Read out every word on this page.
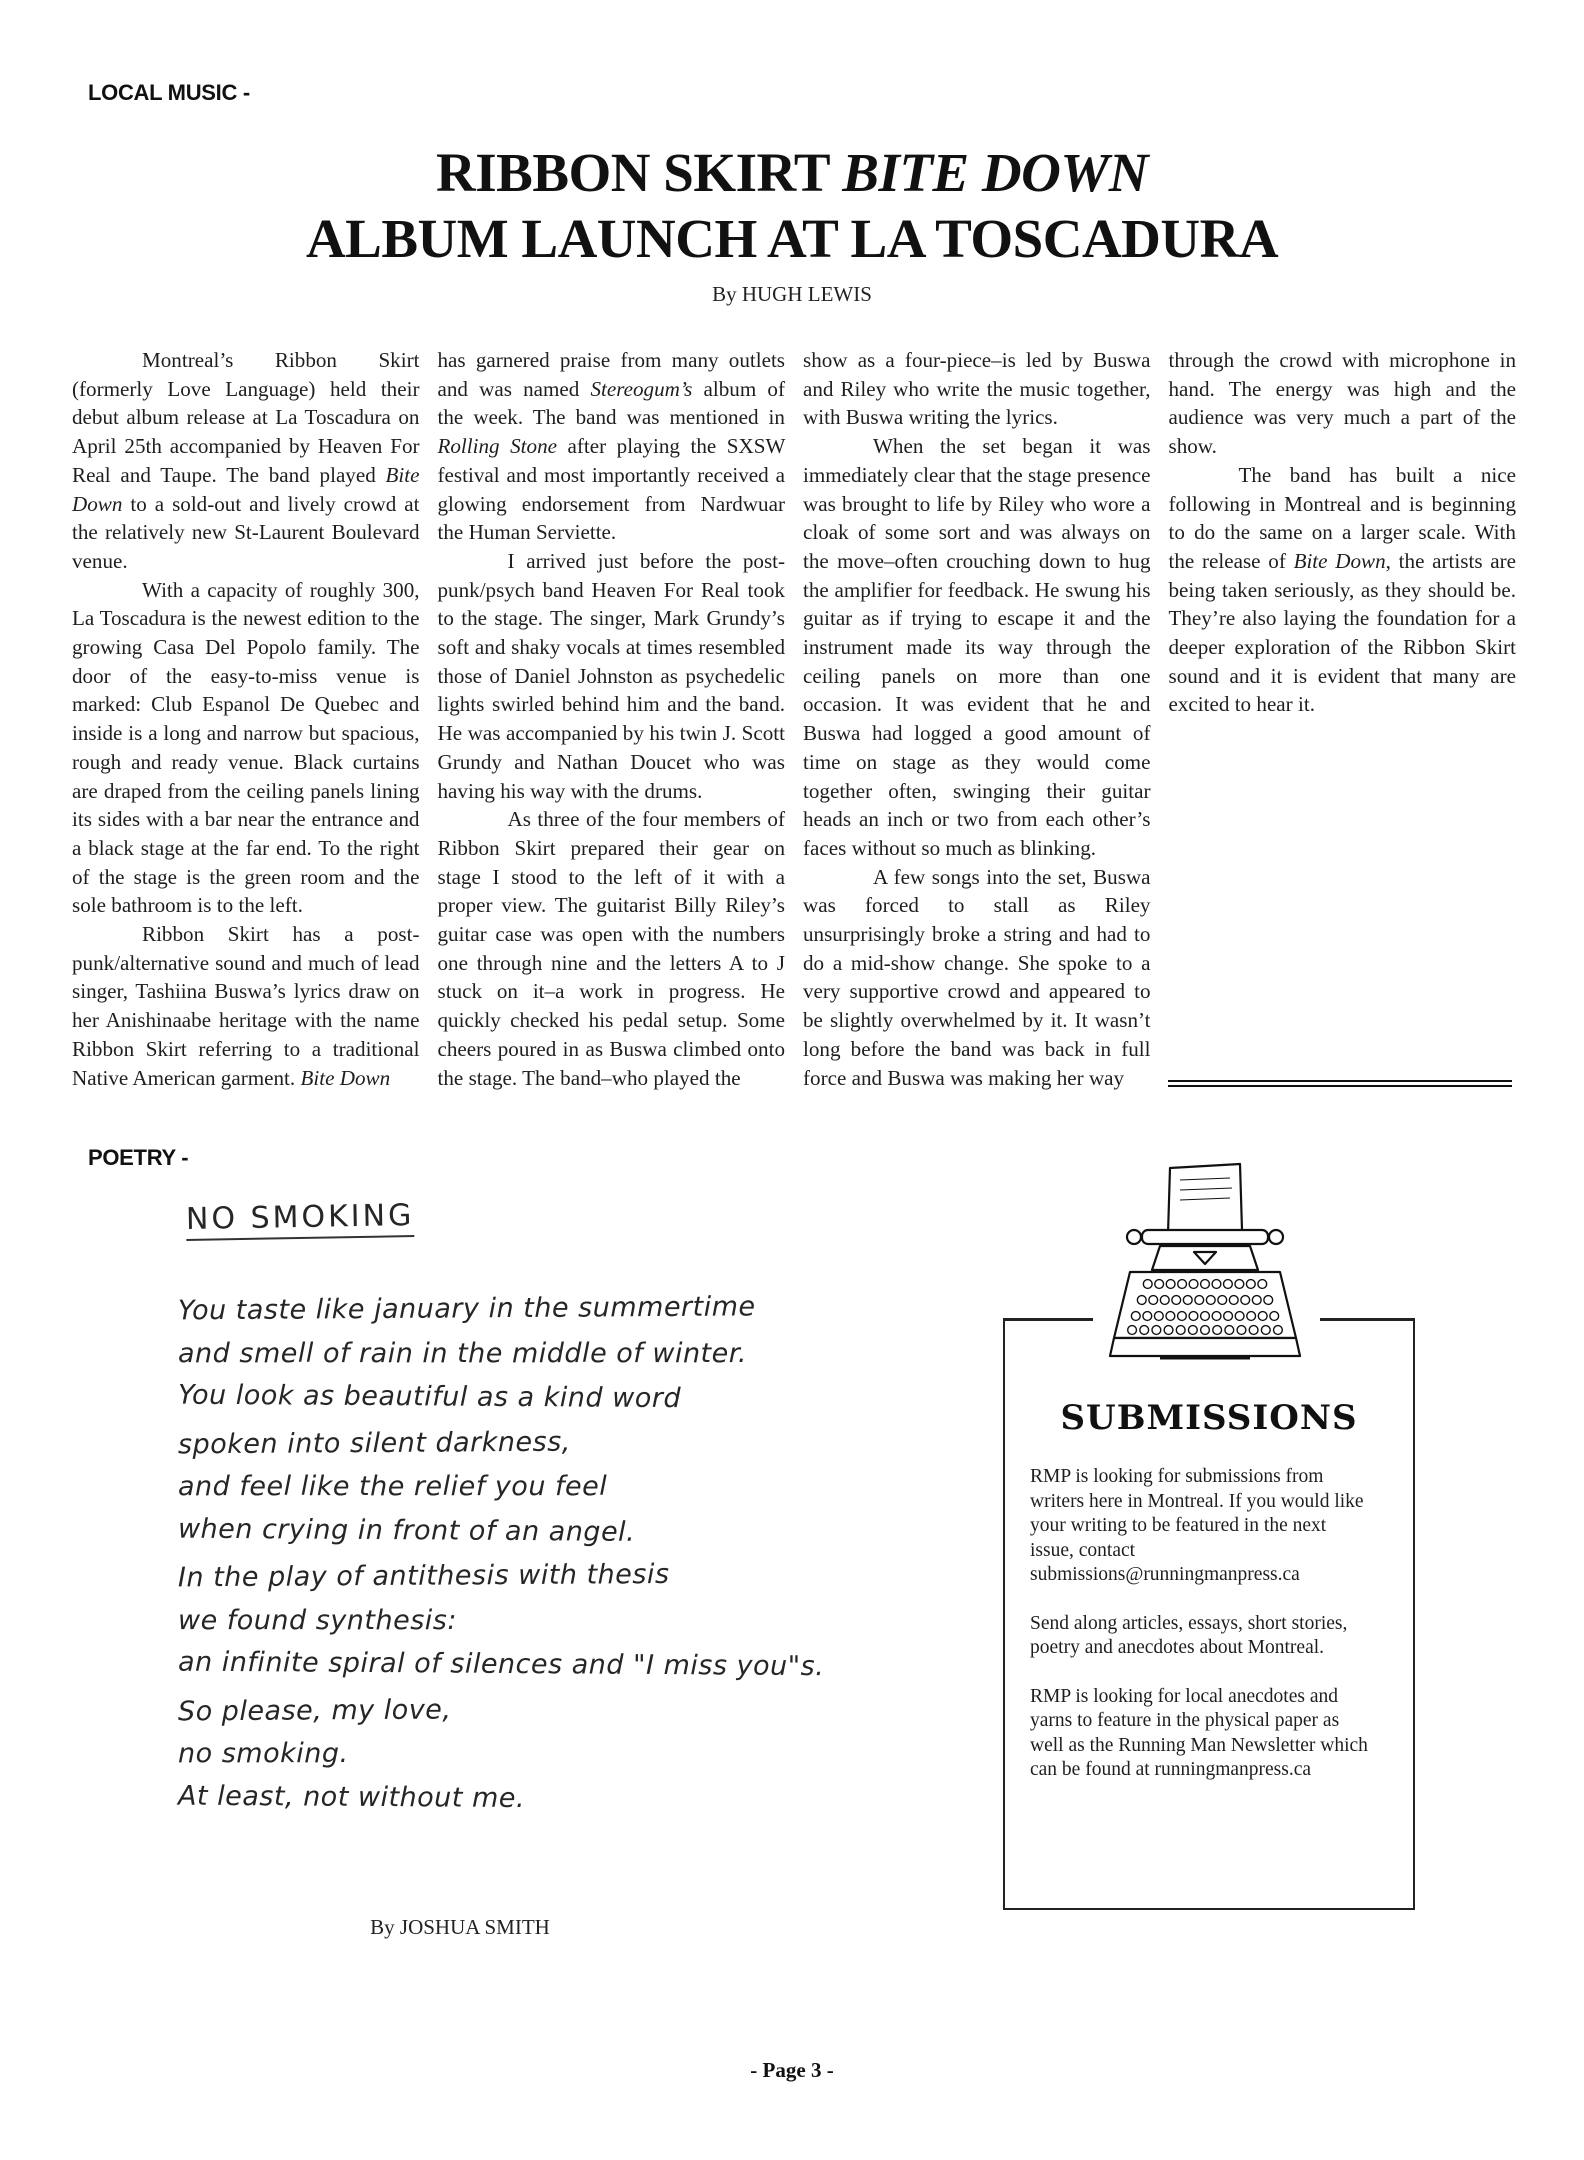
LOCAL MUSIC -
RIBBON SKIRT BITE DOWN
ALBUM LAUNCH AT LA TOSCADURA
By HUGH LEWIS

Montreal’s Ribbon Skirt (formerly Love Language) held their debut album release at La Toscadura on April 25th accompanied by Heaven For Real and Taupe. The band played Bite Down to a sold-out and lively crowd at the relatively new St-Laurent Boulevard venue.

With a capacity of roughly 300, La Toscadura is the newest edition to the growing Casa Del Popolo family. The door of the easy-to-miss venue is marked: Club Espanol De Quebec and inside is a long and narrow but spacious, rough and ready venue. Black curtains are draped from the ceiling panels lining its sides with a bar near the entrance and a black stage at the far end. To the right of the stage is the green room and the sole bathroom is to the left.

Ribbon Skirt has a post-punk/alternative sound and much of lead singer, Tashiina Buswa’s lyrics draw on her Anishinaabe heritage with the name Ribbon Skirt referring to a traditional Native American garment. Bite Down

has garnered praise from many outlets and was named Stereogum’s album of the week. The band was mentioned in Rolling Stone after playing the SXSW festival and most importantly received a glowing endorsement from Nardwuar the Human Serviette.

I arrived just before the post-punk/psych band Heaven For Real took to the stage. The singer, Mark Grundy’s soft and shaky vocals at times resembled those of Daniel Johnston as psychedelic lights swirled behind him and the band. He was accompanied by his twin J. Scott Grundy and Nathan Doucet who was having his way with the drums.

As three of the four members of Ribbon Skirt prepared their gear on stage I stood to the left of it with a proper view. The guitarist Billy Riley’s guitar case was open with the numbers one through nine and the letters A to J stuck on it–a work in progress. He quickly checked his pedal setup. Some cheers poured in as Buswa climbed onto the stage. The band–who played the

show as a four-piece–is led by Buswa and Riley who write the music together, with Buswa writing the lyrics.

When the set began it was immediately clear that the stage presence was brought to life by Riley who wore a cloak of some sort and was always on the move–often crouching down to hug the amplifier for feedback. He swung his guitar as if trying to escape it and the instrument made its way through the ceiling panels on more than one occasion. It was evident that he and Buswa had logged a good amount of time on stage as they would come together often, swinging their guitar heads an inch or two from each other’s faces without so much as blinking.

A few songs into the set, Buswa was forced to stall as Riley unsurprisingly broke a string and had to do a mid-show change. She spoke to a very supportive crowd and appeared to be slightly overwhelmed by it. It wasn’t long before the band was back in full force and Buswa was making her way

through the crowd with microphone in hand. The energy was high and the audience was very much a part of the show.

The band has built a nice following in Montreal and is beginning to do the same on a larger scale. With the release of Bite Down, the artists are being taken seriously, as they should be. They’re also laying the foundation for a deeper exploration of the Ribbon Skirt sound and it is evident that many are excited to hear it.

POETRY -
NO SMOKING
You taste like january in the summertime
and smell of rain in the middle of winter.
You look as beautiful as a kind word
spoken into silent darkness,
and feel like the relief you feel
when crying in front of an angel.
In the play of antithesis with thesis
we found synthesis:
an infinite spiral of silences and "I miss you"s.
So please, my love,
no smoking.
At least, not without me.
By JOSHUA SMITH
SUBMISSIONS

RMP is looking for submissions from writers here in Montreal. If you would like your writing to be featured in the next issue, contact submissions@runningmanpress.ca

Send along articles, essays, short stories, poetry and anecdotes about Montreal.

RMP is looking for local anecdotes and yarns to feature in the physical paper as well as the Running Man Newsletter which can be found at runningmanpress.ca

- Page 3 -
